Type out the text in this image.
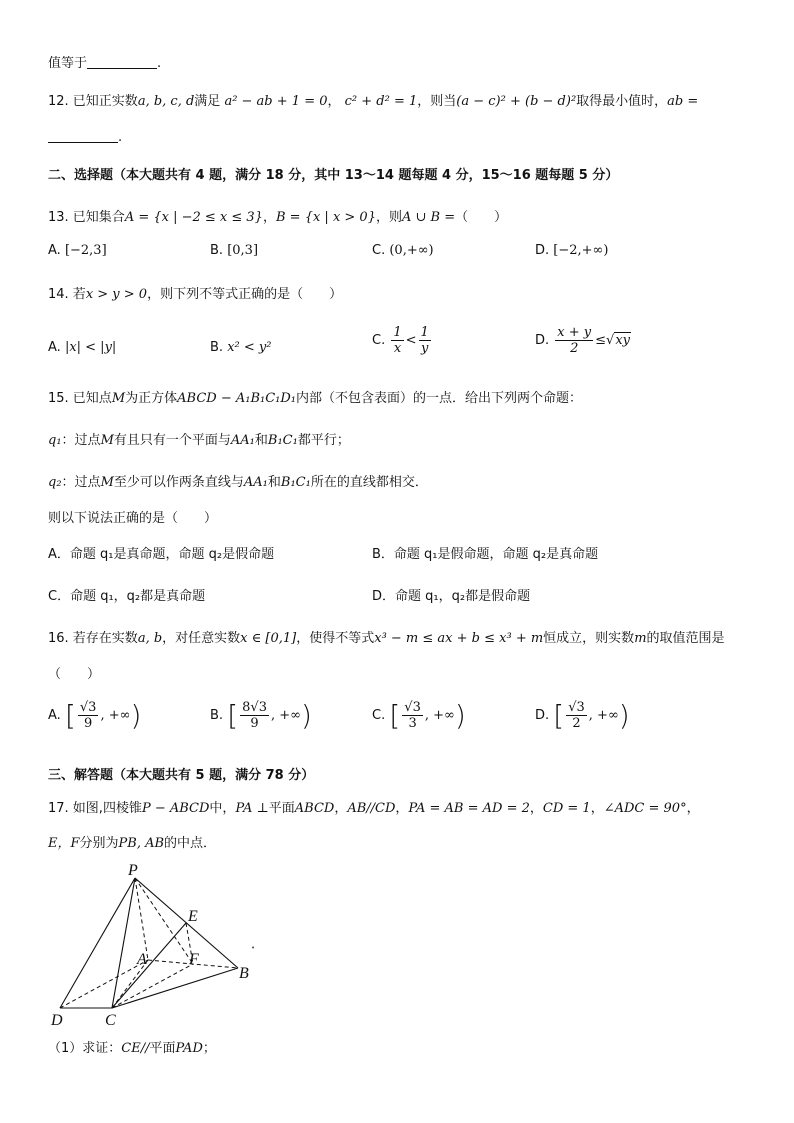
值等于	.
12. 已知正实数a, b, c, d满足 a² − ab + 1 = 0， c² + d² = 1，则当(a − c)² + (b − d)²取得最小值时，ab =
.
二、选择题（本大题共有 4 题，满分 18 分，其中 13～14 题每题 4 分，15～16 题每题 5 分）
13. 已知集合A = {x | −2 ≤ x ≤ 3}，B = {x | x > 0}，则A ∪ B =（　　）
A. [−2,3]	B. [0,3]	C. (0,+∞)	D. [−2,+∞)
14. 若x > y > 0，则下列不等式正确的是（　　）
A. |x| < |y|	B. x² < y²	C. $\frac{1}{x} < \frac{1}{y}$	D. $\frac{x + y}{2} \le√xy$
15. 已知点M为正方体ABCD − A₁B₁C₁D₁内部（不包含表面）的一点．给出下列两个命题：
q₁：过点M有且只有一个平面与AA₁和B₁C₁都平行；
q₂：过点M至少可以作两条直线与AA₁和B₁C₁所在的直线都相交．
则以下说法正确的是（　　）
A．命题 q₁是真命题，命题 q₂是假命题	B．命题 q₁是假命题，命题 q₂是真命题
C．命题 q₁，q₂都是真命题	D．命题 q₁，q₂都是假命题
16. 若存在实数a, b，对任意实数x ∈ [0,1]，使得不等式x³ − m ≤ ax + b ≤ x³ + m恒成立，则实数m的取值范围是
（　　）
A. [ $\frac{√3}{9}$ , +∞)	B. [ $\frac{8√3}{9}$ , +∞)	C. [ $\frac{√3}{3}$ , +∞)	D. [ $\frac{√3}{2}$ , +∞)
三、解答题（本大题共有 5 题，满分 78 分）
17. 如图,四棱锥P − ABCD中，PA ⊥平面ABCD，AB//CD，PA = AB = AD = 2，CD = 1，∠ADC = 90°，
E，F分别为PB, AB的中点．
P
E
A	F
B
D	C
•
（1）求证：CE//平面PAD；
